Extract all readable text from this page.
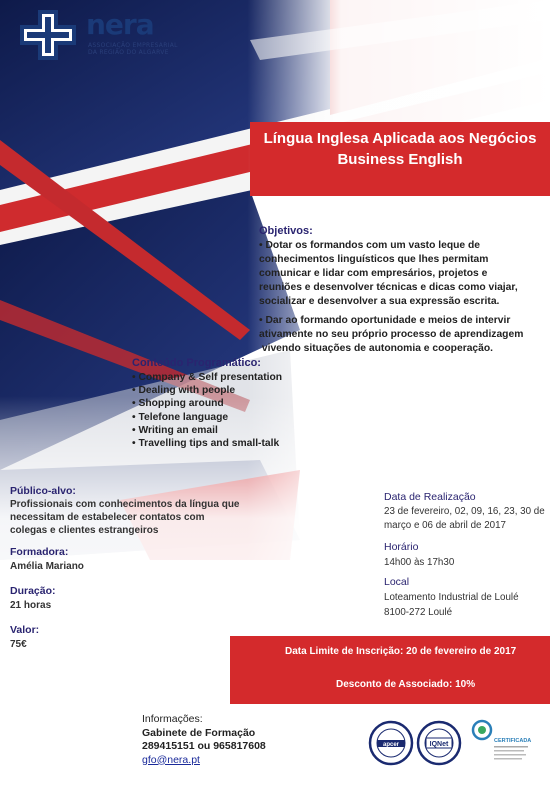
nera
ASSOCIAÇÃO EMPRESARIAL
DA REGIÃO DO ALGARVE
Língua Inglesa Aplicada aos Negócios
Business English
Objetivos:
• Dotar os formandos com um vasto leque de
conhecimentos linguísticos que lhes permitam
comunicar e lidar com empresários, projetos e
reuniões e desenvolver técnicas e dicas como viajar,
socializar e desenvolver a sua expressão escrita.
• Dar ao formando oportunidade e meios de intervir
ativamente no seu próprio processo de aprendizagem
vivendo situações de autonomia e cooperação.
Conteúdo Programático:
• Company & Self presentation
• Dealing with people
• Shopping around
• Telefone language
• Writing an email
• Travelling tips and small-talk
Público-alvo:
Profissionais com conhecimentos da língua que
necessitam de estabelecer contatos com
colegas e clientes estrangeiros
Formadora:
Amélia Mariano
Duração:
21 horas
Valor:
75€
Data de Realização
23 de fevereiro, 02, 09, 16, 23, 30 de
março e 06 de abril de 2017
Horário
14h00 às 17h30
Local
Loteamento Industrial de Loulé
8100-272 Loulé
Data Limite de Inscrição: 20 de fevereiro de 2017
Desconto de Associado: 10%
Informações:
Gabinete de Formação
289415151 ou 965817608
gfo@nera.pt
apcer	IQNet	CERTIFICADA
